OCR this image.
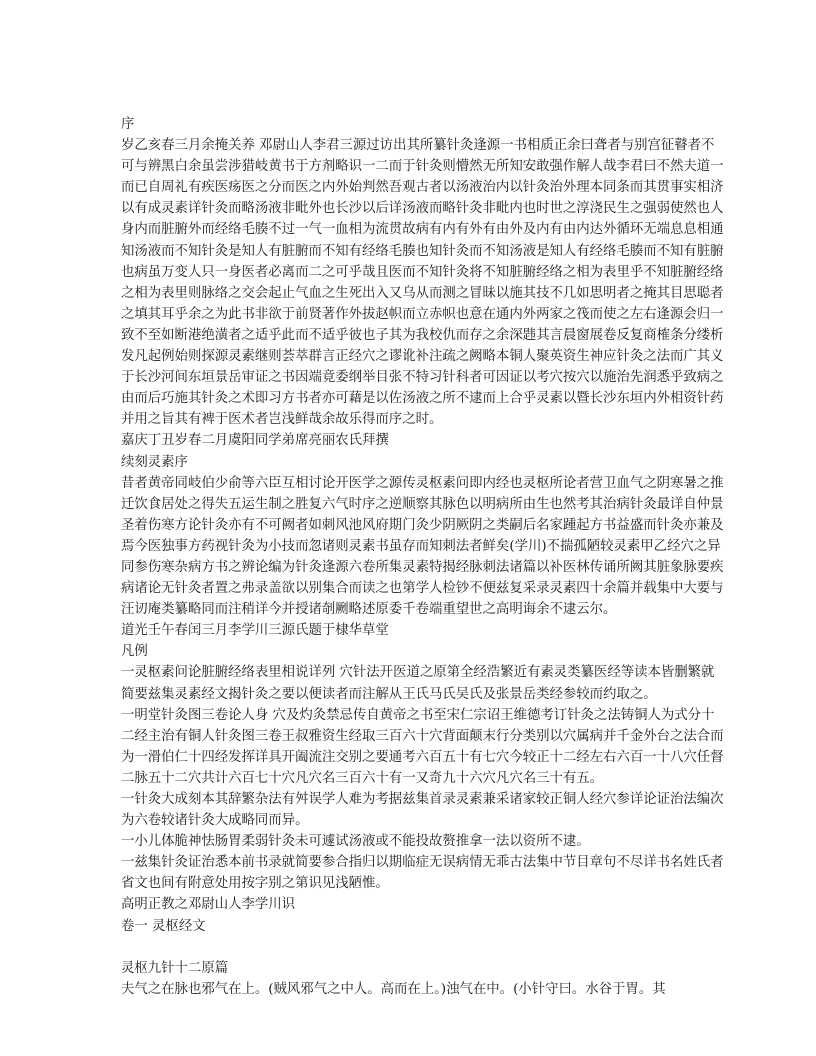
序

岁乙亥春三月余掩关养 邓尉山人李君三源过访出其所纂针灸逢源一书相质正余曰聋者与别宫征瞽者不可与辨黑白余虽尝涉猎岐黄书于方剂略识一二而于针灸则懵然无所知安敢强作解人哉李君曰不然夫道一而已自周礼有疾医疡医之分而医之内外始判然吾观古者以汤液治内以针灸治外理本同条而其贯事实相济以有成灵素详针灸而略汤液非毗外也长沙以后详汤液而略针灸非毗内也时世之淳浇民生之强弱使然也人身内而脏腑外而经络毛腠不过一气一血相为流贯故病有内有外有由外及内有由内达外循环无端息息相通知汤液而不知针灸是知人有脏腑而不知有经络毛腠也知针灸而不知汤液是知人有经络毛腠而不知有脏腑也病虽万变人只一身医者必离而二之可乎哉且医而不知针灸将不知脏腑经络之相为表里乎不知脏腑经络之相为表里则脉络之交会起止气血之生死出入又乌从而测之冒昧以施其技不几如思明者之掩其目思聪者之填其耳乎余之为此书非欲于前贤著作外拔赵帜而立赤帜也意在通内外两家之筏而使之左右逢源会归一致不至如断港绝潢者之适乎此而不适乎彼也子其为我校仇而存之余深韪其言晨窗展卷反复商榷条分缕析发凡起例始则探源灵素继则荟萃群言正经穴之谬讹补注疏之阙略本铜人聚英资生神应针灸之法而广其义于长沙河间东垣景岳审证之书因端竟委纲举目张不特习针科者可因证以考穴按穴以施治先润悉乎致病之由而后巧施其针灸之术即习方书者亦可藉是以佐汤液之所不逮而上合乎灵素以暨长沙东垣内外相资针药并用之旨其有裨于医术者岂浅鲜哉余故乐得而序之时。

嘉庆丁丑岁春二月虞阳同学弟席亮丽农氏拜撰

续刻灵素序

昔者黄帝同岐伯少俞等六臣互相讨论开医学之源传灵枢素问即内经也灵枢所论者营卫血气之阴寒暑之推迁饮食居处之得失五运生制之胜复六气时序之逆顺察其脉色以明病所由生也然考其治病针灸最详自仲景圣着伤寒方论针灸亦有不可阙者如刺风池风府期门灸少阴厥阴之类嗣后名家踵起方书益盛而针灸亦兼及焉今医独事方药视针灸为小技而忽诸则灵素书虽存而知刺法者鲜矣(学川)不揣孤陋较灵素甲乙经穴之异同参伤寒杂病方书之辨论编为针灸逢源六卷所集灵素特揭经脉刺法诸篇以补医林传诵所阙其脏象脉要疾病诸论无针灸者置之弗录盖欲以别集合而读之也第学人检钞不便兹复采录灵素四十余篇并载集中大要与汪讱庵类纂略同而注稍详今并授诸剞劂略述原委千卷端重望世之高明诲余不逮云尔。

道光壬午春闰三月李学川三源氏题于棣华草堂

凡例

一灵枢素问论脏腑经络表里相说详列 穴针法开医道之原第全经浩繁近有素灵类纂医经等读本皆删繁就简要兹集灵素经文揭针灸之要以便读者而注解从王氏马氏吴氏及张景岳类经参较而约取之。

一明堂针灸图三卷论人身 穴及灼灸禁忌传自黄帝之书至宋仁宗诏王维德考订针灸之法铸铜人为式分十二经主治有铜人针灸图三卷王叔雅资生经取三百六十穴背面颠末行分类别以穴属病并千金外台之法合而为一滑伯仁十四经发挥详具开阖流注交别之要通考六百五十有七穴今较正十二经左右六百一十八穴任督二脉五十二穴共计六百七十穴凡穴名三百六十有一又奇九十六穴凡穴名三十有五。

一针灸大成刻本其辞繁杂法有舛误学人难为考据兹集首录灵素兼采诸家较正铜人经穴参详论证治法编次为六卷较诸针灸大成略同而异。

一小儿体脆神怯肠胃柔弱针灸未可遽试汤液或不能投故赘推拿一法以资所不逮。

一兹集针灸证治悉本前书录就简要参合指归以期临症无误病情无乖古法集中节目章句不尽详书名姓氏者省文也间有附意处用按字别之第识见浅陋惟。

高明正教之邓尉山人李学川识

卷一 灵枢经文

灵枢九针十二原篇

夫气之在脉也邪气在上。(贼风邪气之中人。高而在上。)浊气在中。(小针守曰。水谷于胃。其
